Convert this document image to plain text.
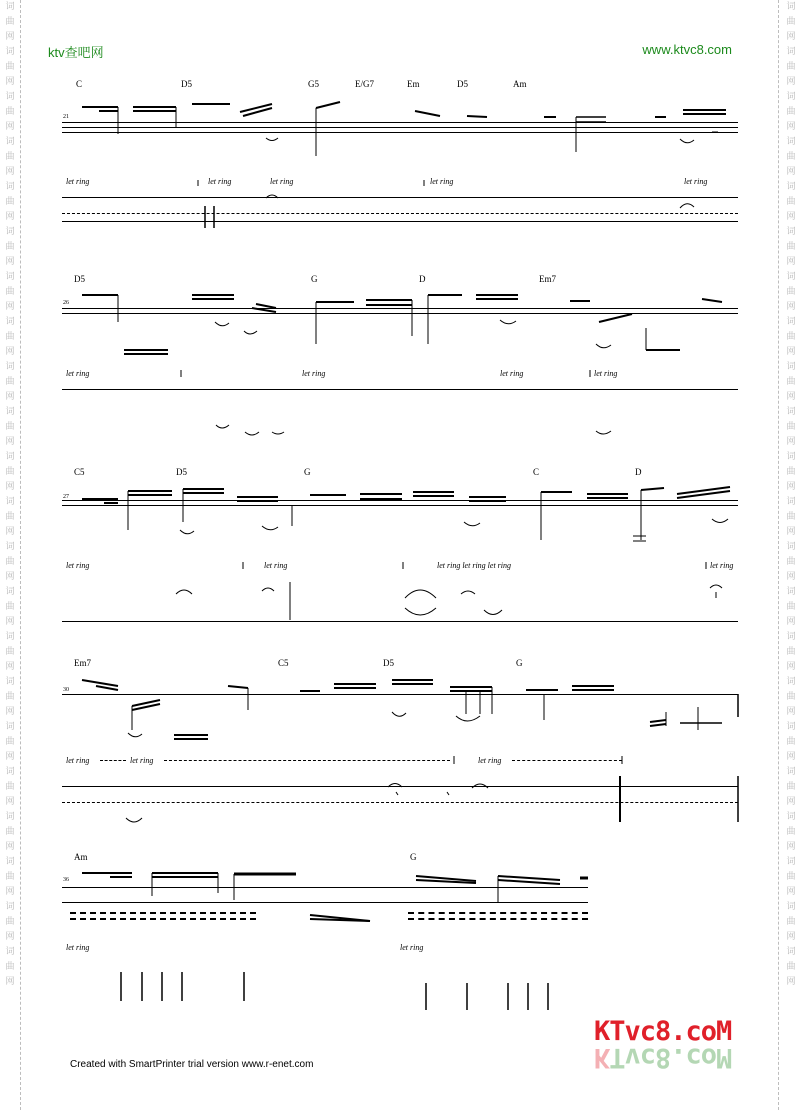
词曲网词曲网词曲网词曲网词曲网词曲网词曲网词曲网词曲网词曲网词曲网词曲网词曲网词曲网词曲网词曲网词曲网词曲网词曲网词曲网词曲网词曲网
词曲网词曲网词曲网词曲网词曲网词曲网词曲网词曲网词曲网词曲网词曲网词曲网词曲网词曲网词曲网词曲网词曲网词曲网词曲网词曲网词曲网词曲网
ktv查吧网	www.ktvc8.com
C	D5	G5	E/G7	Em	D5	Am
21
let ring	let ring	let ring	let ring	let ring
D5	G	D	Em7
26
let ring	let ring	let ring	let ring
C5	D5	G	C	D
27
let ring	let ring	let ring let ring let ring	let ring
Em7	C5	D5	G
30
let ring	let ring	let ring
Am	G
36
let ring	let ring
Created with SmartPrinter trial version www.r-enet.com
KTvc8.coM
KTvc8.coM
